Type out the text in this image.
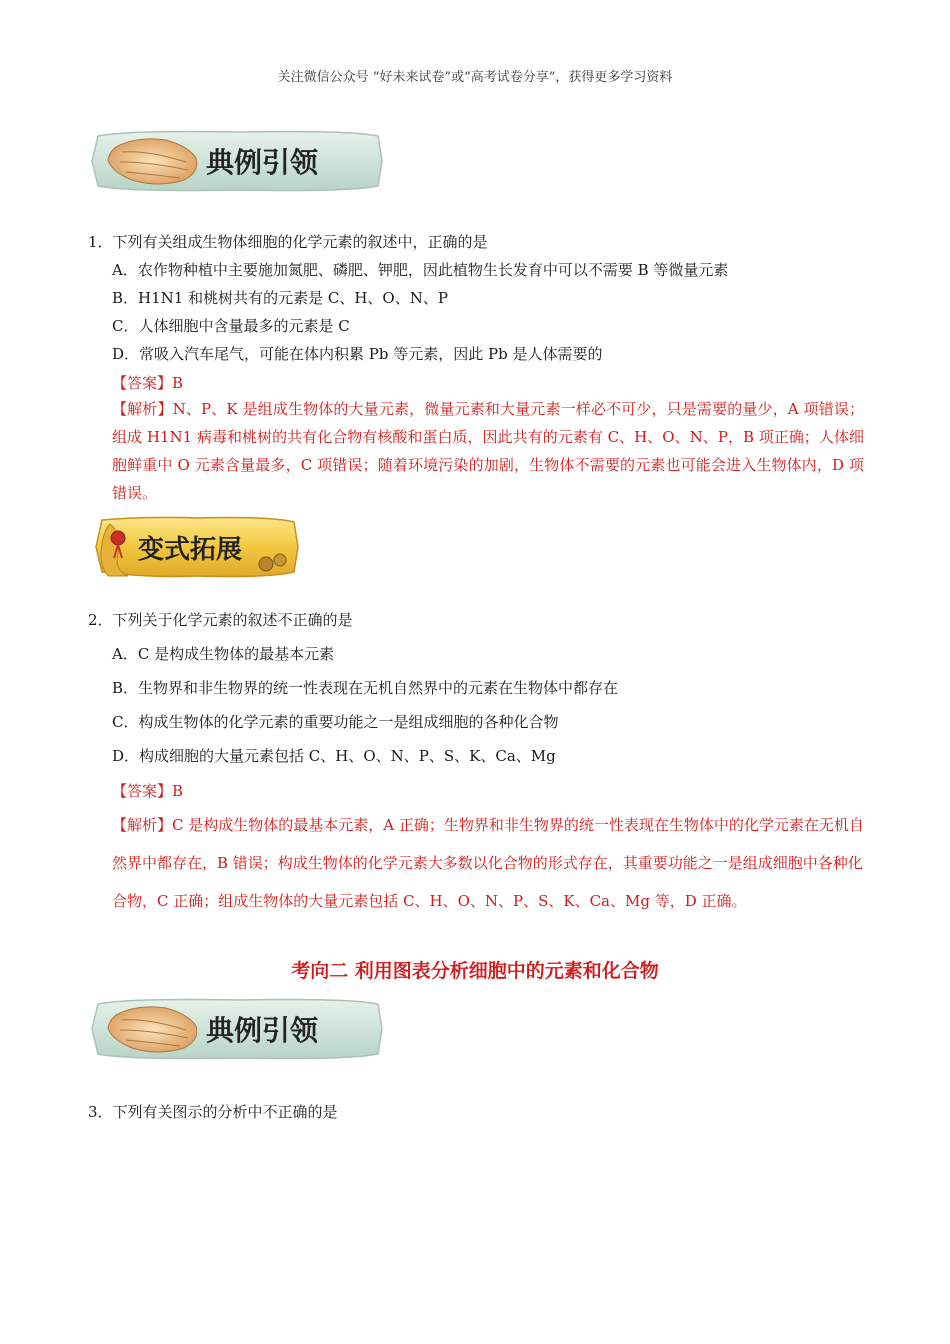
关注微信公众号 “好未来试卷”或“高考试卷分享”，获得更多学习资料
典例引领
1．下列有关组成生物体细胞的化学元素的叙述中，正确的是
A．农作物种植中主要施加氮肥、磷肥、钾肥，因此植物生长发育中可以不需要 B 等微量元素
B．H1N1 和桃树共有的元素是 C、H、O、N、P
C．人体细胞中含量最多的元素是 C
D．常吸入汽车尾气，可能在体内积累 Pb 等元素，因此 Pb 是人体需要的
【答案】B
【解析】N、P、K 是组成生物体的大量元素，微量元素和大量元素一样必不可少，只是需要的量少，A 项错误；组成 H1N1 病毒和桃树的共有化合物有核酸和蛋白质，因此共有的元素有 C、H、O、N、P，B 项正确；人体细胞鲜重中 O 元素含量最多，C 项错误；随着环境污染的加剧，生物体不需要的元素也可能会进入生物体内，D 项错误。
变式拓展
2．下列关于化学元素的叙述不正确的是
A．C 是构成生物体的最基本元素
B．生物界和非生物界的统一性表现在无机自然界中的元素在生物体中都存在
C．构成生物体的化学元素的重要功能之一是组成细胞的各种化合物
D．构成细胞的大量元素包括 C、H、O、N、P、S、K、Ca、Mg
【答案】B
【解析】C 是构成生物体的最基本元素，A 正确；生物界和非生物界的统一性表现在生物体中的化学元素在无机自然界中都存在，B 错误；构成生物体的化学元素大多数以化合物的形式存在，其重要功能之一是组成细胞中各种化合物，C 正确；组成生物体的大量元素包括 C、H、O、N、P、S、K、Ca、Mg 等，D 正确。
考向二 利用图表分析细胞中的元素和化合物
典例引领
3．下列有关图示的分析中不正确的是
